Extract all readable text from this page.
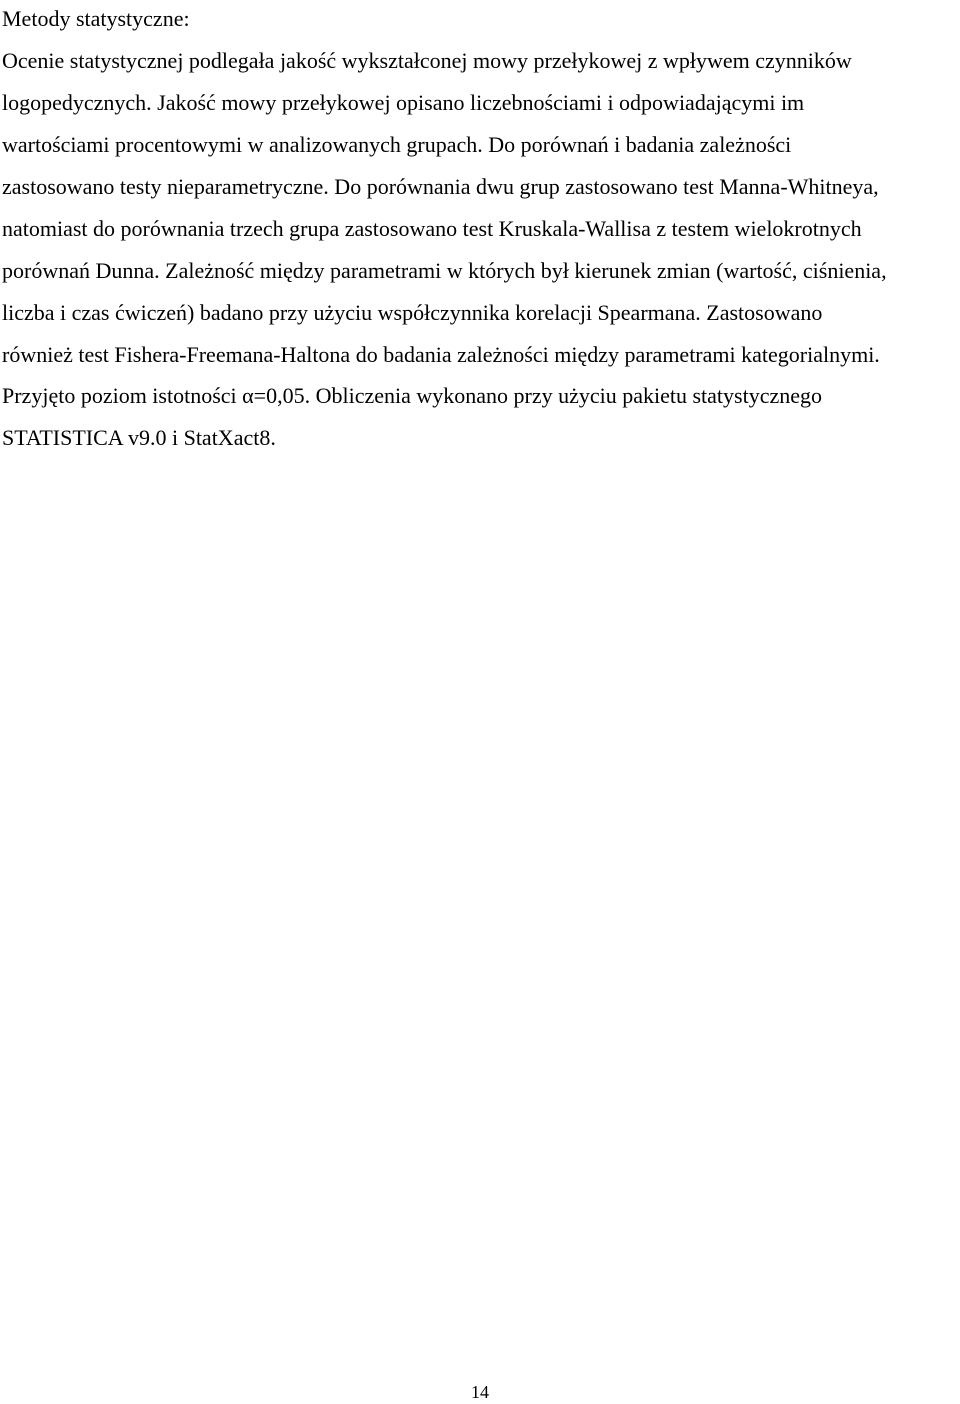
Metody statystyczne:

Ocenie statystycznej podlegała jakość wykształconej mowy przełykowej z wpływem czynników

logopedycznych. Jakość mowy przełykowej opisano liczebnościami i odpowiadającymi im

wartościami procentowymi w analizowanych grupach. Do porównań i badania zależności

zastosowano testy nieparametryczne. Do porównania dwu grup zastosowano test Manna-Whitneya,

natomiast do porównania trzech grupa zastosowano test Kruskala-Wallisa z testem wielokrotnych

porównań Dunna. Zależność między parametrami w których był kierunek zmian (wartość, ciśnienia,

liczba i czas ćwiczeń) badano przy użyciu współczynnika korelacji Spearmana. Zastosowano

również test Fishera-Freemana-Haltona do badania zależności między parametrami kategorialnymi.

Przyjęto poziom istotności α=0,05. Obliczenia wykonano przy użyciu pakietu statystycznego

STATISTICA v9.0 i StatXact8.

14
